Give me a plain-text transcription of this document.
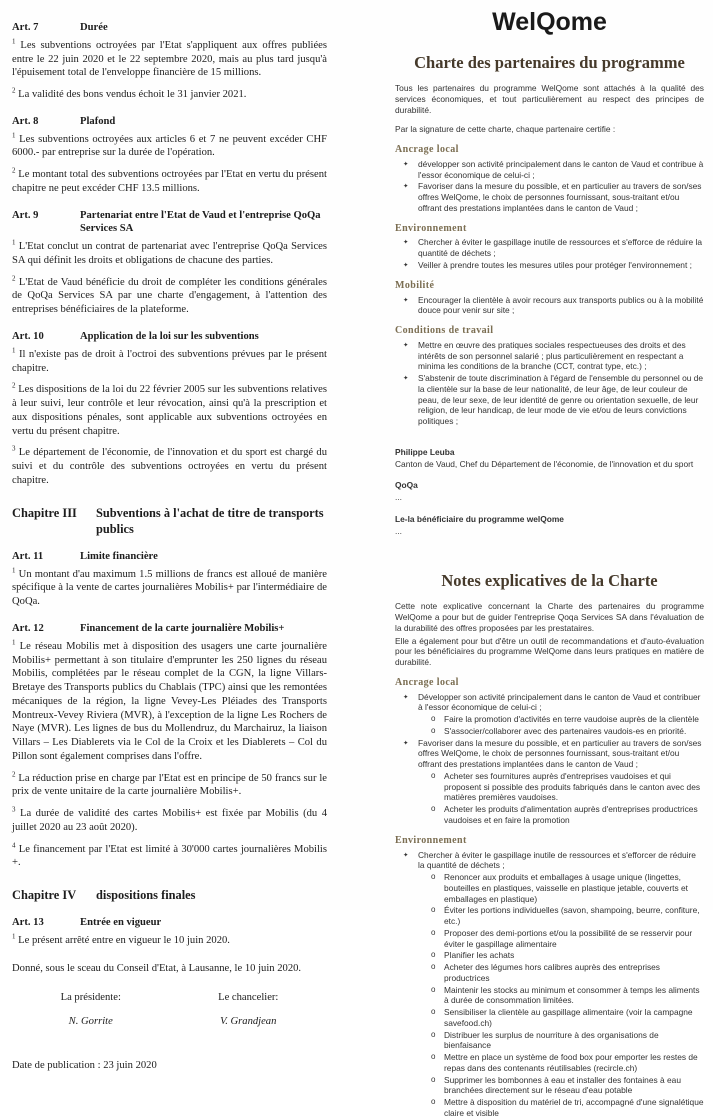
Art. 7	Durée

$^1$ Les subventions octroyées par l'Etat s'appliquent aux offres publiées entre le 22 juin 2020 et le 22 septembre 2020, mais au plus tard jusqu'à l'épuisement total de l'enveloppe financière de 15 millions.

$^2$ La validité des bons vendus échoit le 31 janvier 2021.

Art. 8	Plafond

$^1$ Les subventions octroyées aux articles 6 et 7 ne peuvent excéder CHF 6000.- par entreprise sur la durée de l'opération.

$^2$ Le montant total des subventions octroyées par l'Etat en vertu du présent chapitre ne peut excéder CHF 13.5 millions.

Art. 9	Partenariat entre l'Etat de Vaud et l'entreprise QoQa Services SA

$^1$ L'Etat conclut un contrat de partenariat avec l'entreprise QoQa Services SA qui définit les droits et obligations de chacune des parties.

$^2$ L'Etat de Vaud bénéficie du droit de compléter les conditions générales de QoQa Services SA par une charte d'engagement, à l'attention des entreprises bénéficiaires de la plateforme.

Art. 10	Application de la loi sur les subventions

$^1$ Il n'existe pas de droit à l'octroi des subventions prévues par le présent chapitre.

$^2$ Les dispositions de la loi du 22 février 2005 sur les subventions relatives à leur suivi, leur contrôle et leur révocation, ainsi qu'à la prescription et aux dispositions pénales, sont applicable aux subventions octroyées en vertu du présent chapitre.

$^3$ Le département de l'économie, de l'innovation et du sport est chargé du suivi et du contrôle des subventions octroyées en vertu du présent chapitre.

Chapitre III	Subventions à l'achat de titre de transports publics
Art. 11	Limite financière

$^1$ Un montant d'au maximum 1.5 millions de francs est alloué de manière spécifique à la vente de cartes journalières Mobilis+ par l'intermédiaire de QoQa.

Art. 12	Financement de la carte journalière Mobilis+

$^1$ Le réseau Mobilis met à disposition des usagers une carte journalière Mobilis+ permettant à son titulaire d'emprunter les 250 lignes du réseau Mobilis, complétées par le réseau complet de la CGN, la ligne Villars-Bretaye des Transports publics du Chablais (TPC) ainsi que les remontées mécaniques de la région, la ligne Vevey-Les Pléiades des Transports Montreux-Vevey Riviera (MVR), à l'exception de la ligne Les Rochers de Naye (MVR). Les lignes de bus du Mollendruz, du Marchairuz, la liaison Villars – Les Diablerets via le Col de la Croix et les Diablerets – Col du Pillon sont également comprises dans l'offre.

$^2$ La réduction prise en charge par l'Etat est en principe de 50 francs sur le prix de vente unitaire de la carte journalière Mobilis+.

$^3$ La durée de validité des cartes Mobilis+ est fixée par Mobilis (du 4 juillet 2020 au 23 août 2020).

$^4$ Le financement par l'Etat est limité à 30'000 cartes journalières Mobilis +.

Chapitre IV	dispositions finales
Art. 13	Entrée en vigueur

$^1$ Le présent arrêté entre en vigueur le 10 juin 2020.

Donné, sous le sceau du Conseil d'Etat, à Lausanne, le 10 juin 2020.

La présidente:	Le chancelier:
N. Gorrite	V. Grandjean

Date de publication : 23 juin 2020

WelQome
Charte des partenaires du programme

Tous les partenaires du programme WelQome sont attachés à la qualité des services économiques, et tout particulièrement au respect des principes de durabilité.

Par la signature de cette charte, chaque partenaire certifie :

Ancrage local
✦	développer son activité principalement dans le canton de Vaud et contribue à l'essor économique de celui-ci ;

✦	Favoriser dans la mesure du possible, et en particulier au travers de son/ses offres WelQome, le choix de personnes fournissant, sous-traitant et/ou offrant des prestations implantées dans le canton de Vaud ;

Environnement
✦	Chercher à éviter le gaspillage inutile de ressources et s'efforce de réduire la quantité de déchets ;

✦	Veiller à prendre toutes les mesures utiles pour protéger l'environnement ;

Mobilité
✦	Encourager la clientèle à avoir recours aux transports publics ou à la mobilité douce pour venir sur site ;

Conditions de travail
✦	Mettre en œuvre des pratiques sociales respectueuses des droits et des intérêts de son personnel salarié ; plus particulièrement en respectant a minima les conditions de la branche (CCT, contrat type, etc.) ;

✦	S'abstenir de toute discrimination à l'égard de l'ensemble du personnel ou de la clientèle sur la base de leur nationalité, de leur âge, de leur couleur de peau, de leur sexe, de leur identité de genre ou orientation sexuelle, de leur religion, de leur handicap, de leur mode de vie et/ou de leurs convictions politiques ;

Philippe Leuba
Canton de Vaud, Chef du Département de l'économie, de l'innovation et du sport
QoQa
...
Le-la bénéficiaire du programme welQome
...
Notes explicatives de la Charte

Cette note explicative concernant la Charte des partenaires du programme WelQome a pour but de guider l'entreprise Qoqa Services SA dans l'évaluation de la durabilité des offres proposées par les prestataires.

Elle a également pour but d'être un outil de recommandations et d'auto-évaluation pour les bénéficiaires du programme WelQome dans leurs pratiques en matière de durabilité.

Ancrage local
✦	Développer son activité principalement dans le canton de Vaud et contribuer à l'essor économique de celui-ci ;

o	Faire la promotion d'activités en terre vaudoise auprès de la clientèle

o	S'associer/collaborer avec des partenaires vaudois-es en priorité.

✦	Favoriser dans la mesure du possible, et en particulier au travers de son/ses offres WelQome, le choix de personnes fournissant, sous-traitant et/ou offrant des prestations implantées dans le canton de Vaud ;

o	Acheter ses fournitures auprès d'entreprises vaudoises et qui proposent si possible des produits fabriqués dans le canton avec des matières premières vaudoises.

o	Acheter les produits d'alimentation auprès d'entreprises productrices vaudoises et en faire la promotion

Environnement
✦	Chercher à éviter le gaspillage inutile de ressources et s'efforcer de réduire la quantité de déchets ;

o	Renoncer aux produits et emballages à usage unique (lingettes, bouteilles en plastiques, vaisselle en plastique jetable, couverts et emballages en plastique)

o	Éviter les portions individuelles (savon, shampoing, beurre, confiture, etc.)

o	Proposer des demi-portions et/ou la possibilité de se resservir pour éviter le gaspillage alimentaire

o	Planifier les achats

o	Acheter des légumes hors calibres auprès des entreprises productrices

o	Maintenir les stocks au minimum et consommer à temps les aliments à durée de consommation limitées.

o	Sensibiliser la clientèle au gaspillage alimentaire (voir la campagne savefood.ch)

o	Distribuer les surplus de nourriture à des organisations de bienfaisance

o	Mettre en place un système de food box pour emporter les restes de repas dans des contenants réutilisables (recircle.ch)

o	Supprimer les bombonnes à eau et installer des fontaines à eau branchées directement sur le réseau d'eau potable

o	Mettre à disposition du matériel de tri, accompagné d'une signalétique claire et visible
